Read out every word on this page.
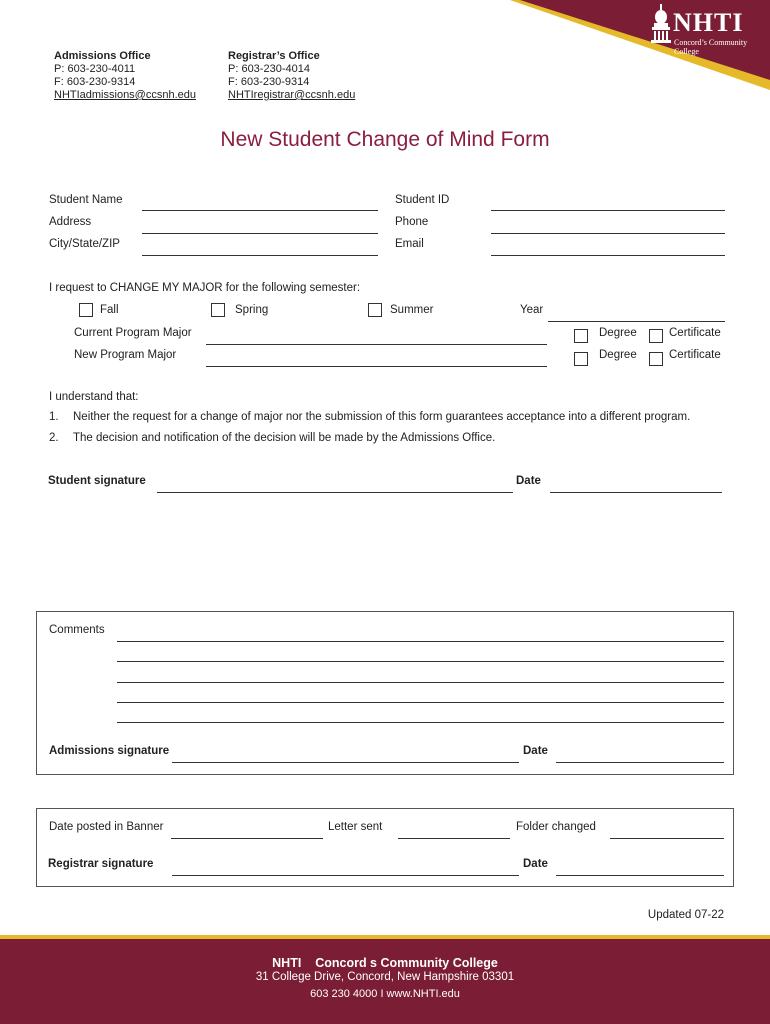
NHTI
Concord’s Community College
Admissions Office
P: 603-230-4011
F: 603-230-9314
NHTIadmissions@ccsnh.edu
Registrar’s Office
P: 603-230-4014
F: 603-230-9314
NHTIregistrar@ccsnh.edu
New Student Change of Mind Form
Student Name	Student ID
Address	Phone
City/State/ZIP	Email
I request to CHANGE MY MAJOR for the following semester:
Fall	Spring	Summer	Year
Current Program Major	Degree	Certificate
New Program Major	Degree	Certificate
I understand that:
1. Neither the request for a change of major nor the submission of this form guarantees acceptance into a different program.
2. The decision and notification of the decision will be made by the Admissions Office.
Student signature	Date
Comments
Admissions signature	Date
Date posted in Banner	Letter sent	Folder changed
Registrar signature	Date
Updated 07-22
NHTI    Concord s Community College
31 College Drive, Concord, New Hampshire 03301
603 230 4000 I www.NHTI.edu
